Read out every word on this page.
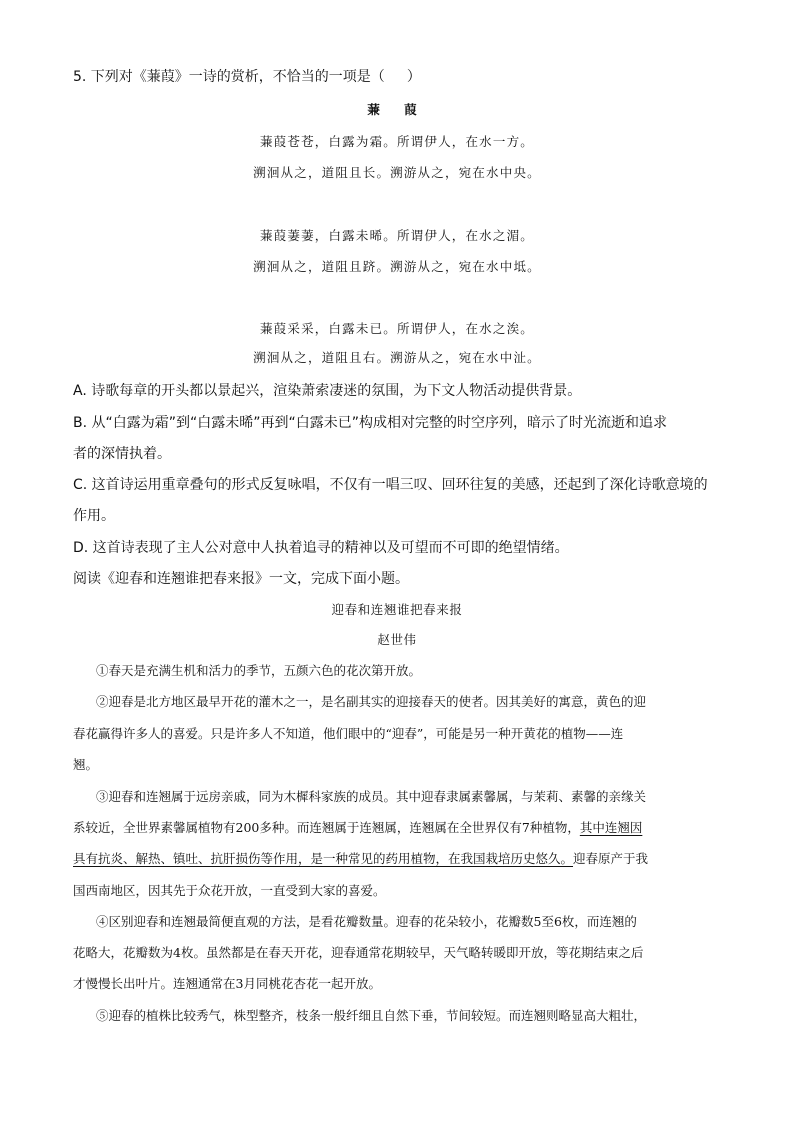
5. 下列对《蒹葭》一诗的赏析，不恰当的一项是（ ）
蒹 葭
蒹葭苍苍，白露为霜。所谓伊人，在水一方。
溯洄从之，道阻且长。溯游从之，宛在水中央。
蒹葭萋萋，白露未晞。所谓伊人，在水之湄。
溯洄从之，道阻且跻。溯游从之，宛在水中坻。
蒹葭采采，白露未已。所谓伊人，在水之涘。
溯洄从之，道阻且右。溯游从之，宛在水中沚。
A. 诗歌每章的开头都以景起兴，渲染萧索凄迷的氛围，为下文人物活动提供背景。
B. 从“白露为霜”到“白露未晞”再到“白露未已”构成相对完整的时空序列，暗示了时光流逝和追求
者的深情执着。
C. 这首诗运用重章叠句的形式反复咏唱，不仅有一唱三叹、回环往复的美感，还起到了深化诗歌意境的
作用。
D. 这首诗表现了主人公对意中人执着追寻的精神以及可望而不可即的绝望情绪。
阅读《迎春和连翘谁把春来报》一文，完成下面小题。
迎春和连翘谁把春来报
赵世伟
①春天是充满生机和活力的季节，五颜六色的花次第开放。
②迎春是北方地区最早开花的灌木之一，是名副其实的迎接春天的使者。因其美好的寓意，黄色的迎
春花赢得许多人的喜爱。只是许多人不知道，他们眼中的“迎春”，可能是另一种开黄花的植物——连
翘。
③迎春和连翘属于远房亲戚，同为木樨科家族的成员。其中迎春隶属素馨属，与茉莉、素馨的亲缘关
系较近，全世界素馨属植物有200多种。而连翘属于连翘属，连翘属在全世界仅有7种植物，其中连翘因
具有抗炎、解热、镇吐、抗肝损伤等作用，是一种常见的药用植物，在我国栽培历史悠久。迎春原产于我
国西南地区，因其先于众花开放，一直受到大家的喜爱。
④区别迎春和连翘最简便直观的方法，是看花瓣数量。迎春的花朵较小，花瓣数5至6枚，而连翘的
花略大，花瓣数为4枚。虽然都是在春天开花，迎春通常花期较早，天气略转暖即开放，等花期结束之后
才慢慢长出叶片。连翘通常在3月同桃花杏花一起开放。
⑤迎春的植株比较秀气，株型整齐，枝条一般纤细且自然下垂，节间较短。而连翘则略显高大粗壮，
